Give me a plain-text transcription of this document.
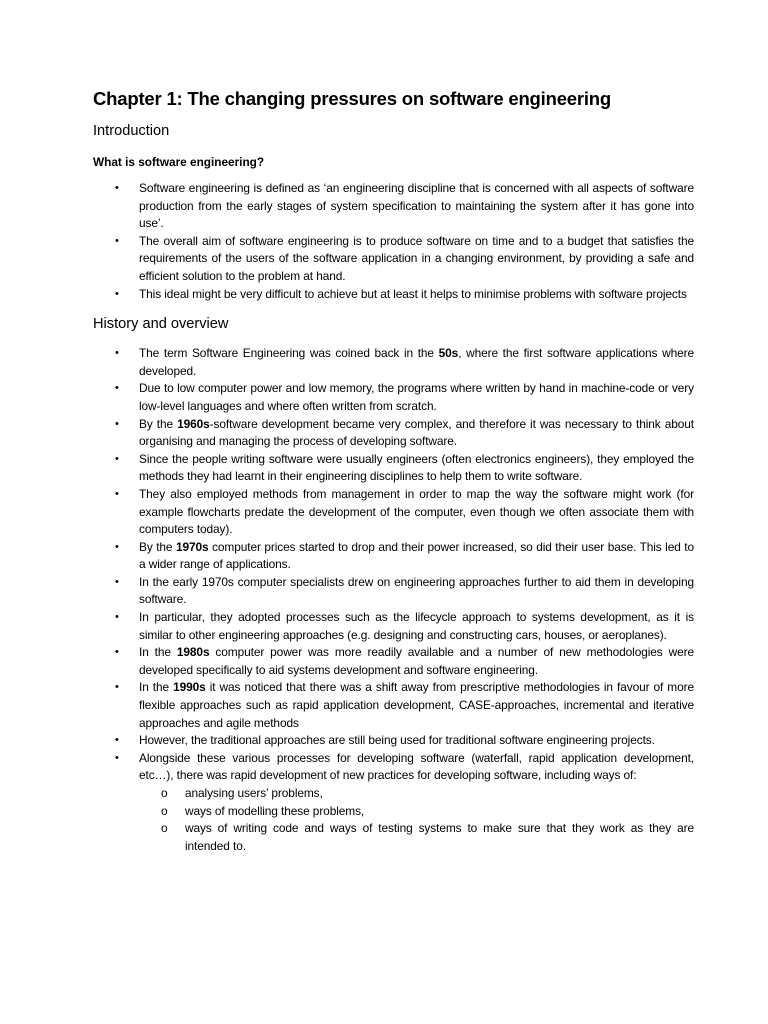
Chapter 1: The changing pressures on software engineering
Introduction
What is software engineering?
• Software engineering is defined as ‘an engineering discipline that is concerned with all aspects of software production from the early stages of system specification to maintaining the system after it has gone into use’.
• The overall aim of software engineering is to produce software on time and to a budget that satisfies the requirements of the users of the software application in a changing environment, by providing a safe and efficient solution to the problem at hand.
• This ideal might be very difficult to achieve but at least it helps to minimise problems with software projects
History and overview
• The term Software Engineering was coined back in the 50s, where the first software applications where developed.
• Due to low computer power and low memory, the programs where written by hand in machine-code or very low-level languages and where often written from scratch.
• By the 1960s-software development became very complex, and therefore it was necessary to think about organising and managing the process of developing software.
• Since the people writing software were usually engineers (often electronics engineers), they employed the methods they had learnt in their engineering disciplines to help them to write software.
• They also employed methods from management in order to map the way the software might work (for example flowcharts predate the development of the computer, even though we often associate them with computers today).
• By the 1970s computer prices started to drop and their power increased, so did their user base. This led to a wider range of applications.
• In the early 1970s computer specialists drew on engineering approaches further to aid them in developing software.
• In particular, they adopted processes such as the lifecycle approach to systems development, as it is similar to other engineering approaches (e.g. designing and constructing cars, houses, or aeroplanes).
• In the 1980s computer power was more readily available and a number of new methodologies were developed specifically to aid systems development and software engineering.
• In the 1990s it was noticed that there was a shift away from prescriptive methodologies in favour of more flexible approaches such as rapid application development, CASE-approaches, incremental and iterative approaches and agile methods
• However, the traditional approaches are still being used for traditional software engineering projects.
• Alongside these various processes for developing software (waterfall, rapid application development, etc…), there was rapid development of new practices for developing software, including ways of:
o analysing users’ problems,
o ways of modelling these problems,
o ways of writing code and ways of testing systems to make sure that they work as they are intended to.
